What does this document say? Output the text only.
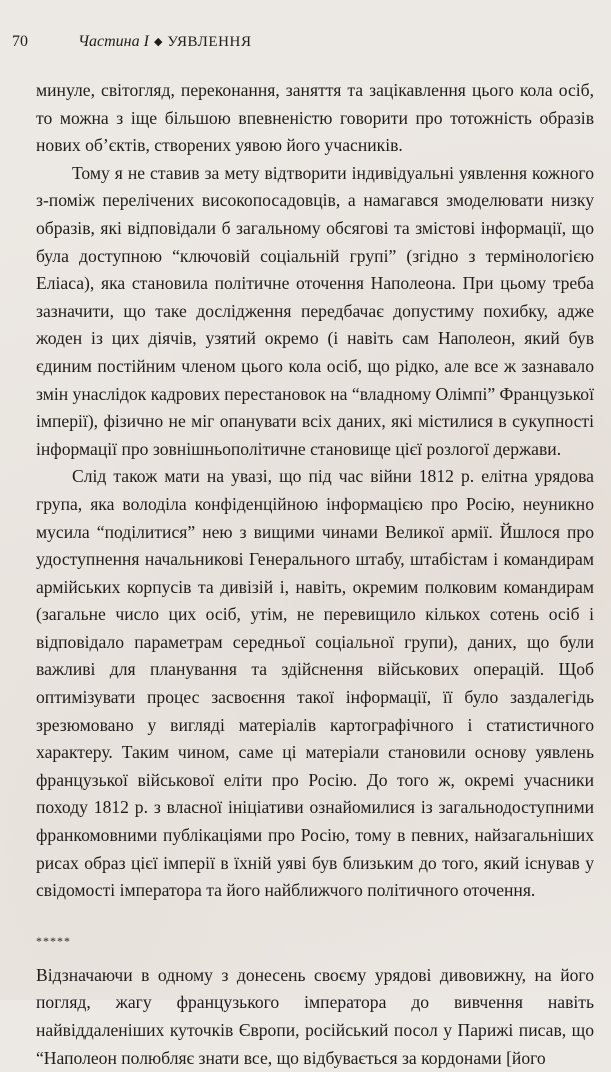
70	Частина I ◆ УЯВЛЕННЯ

минуле, світогляд, переконання, заняття та зацікавлення цього кола осіб, то можна з іще більшою впевненістю говорити про тотожність образів нових об’єктів, створених уявою його учасників.

Тому я не ставив за мету відтворити індивідуальні уявлення кожного з-поміж перелічених високопосадовців, а намагався змоделювати низку образів, які відповідали б загальному обсягові та змістові інформації, що була доступною “ключовій соціальній групі” (згідно з термінологією Еліаса), яка становила політичне оточення Наполеона. При цьому треба зазначити, що таке дослідження передбачає допустиму похибку, адже жоден із цих діячів, узятий окремо (і навіть сам Наполеон, який був єдиним постійним членом цього кола осіб, що рідко, але все ж зазнавало змін унаслідок кадрових перестановок на “владному Олімпі” Французької імперії), фізично не міг опанувати всіх даних, які містилися в сукупності інформації про зовнішньополітичне становище цієї розлогої держави.

Слід також мати на увазі, що під час війни 1812 р. елітна урядова група, яка володіла конфіденційною інформацією про Росію, неуникно мусила “поділитися” нею з вищими чинами Великої армії. Йшлося про удоступнення начальникові Генерального штабу, штабістам і командирам армійських корпусів та дивізій і, навіть, окремим полковим командирам (загальне число цих осіб, утім, не перевищило кількох сотень осіб і відповідало параметрам середньої соціальної групи), даних, що були важливі для планування та здійснення військових операцій. Щоб оптимізувати процес засвоєння такої інформації, її було заздалегідь зрезюмовано у вигляді матеріалів картографічного і статистичного характеру. Таким чином, саме ці матеріали становили основу уявлень французької військової еліти про Росію. До того ж, окремі учасники походу 1812 р. з власної ініціативи ознайомилися із загальнодоступними франкомовними публікаціями про Росію, тому в певних, найзагальніших рисах образ цієї імперії в їхній уяві був близьким до того, який існував у свідомості імператора та його найближчого політичного оточення.

*****

Відзначаючи в одному з донесень своєму урядові дивовижну, на його погляд, жагу французького імператора до вивчення навіть найвіддаленіших куточків Європи, російський посол у Парижі писав, що “Наполеон полюбляє знати все, що відбувається за кордонами [його
